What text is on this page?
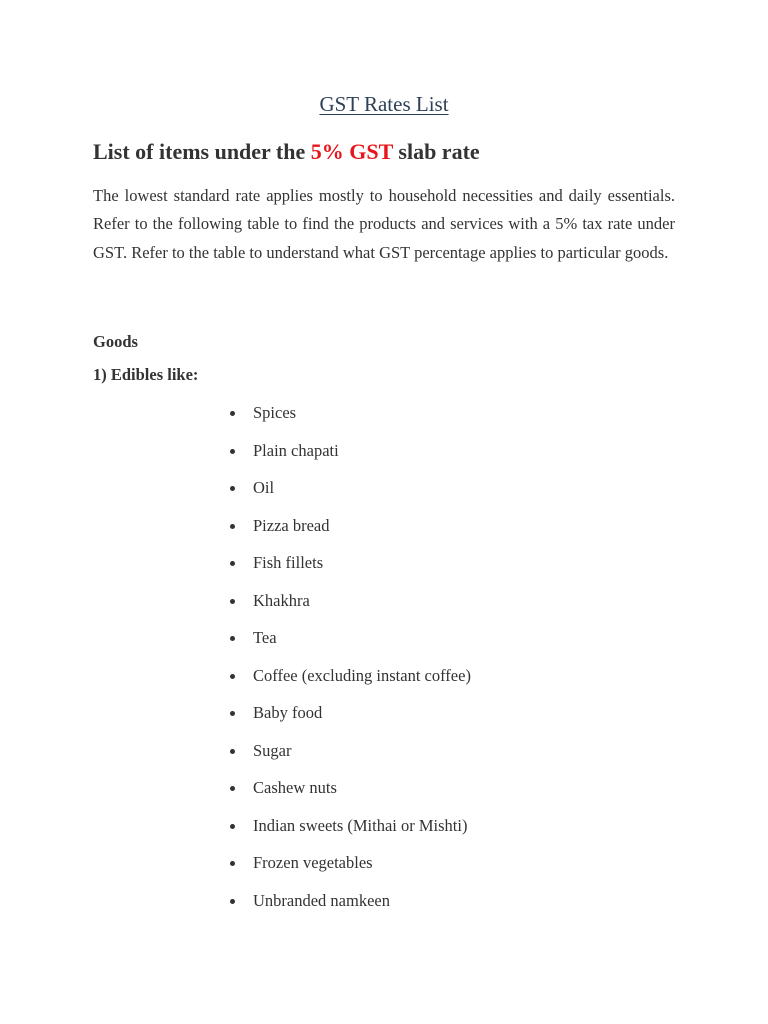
GST Rates List
List of items under the 5% GST slab rate

The lowest standard rate applies mostly to household necessities and daily essentials. Refer to the following table to find the products and services with a 5% tax rate under GST. Refer to the table to understand what GST percentage applies to particular goods.

Goods

1) Edibles like:

Spices
Plain chapati
Oil
Pizza bread
Fish fillets
Khakhra
Tea
Coffee (excluding instant coffee)
Baby food
Sugar
Cashew nuts
Indian sweets (Mithai or Mishti)
Frozen vegetables
Unbranded namkeen
